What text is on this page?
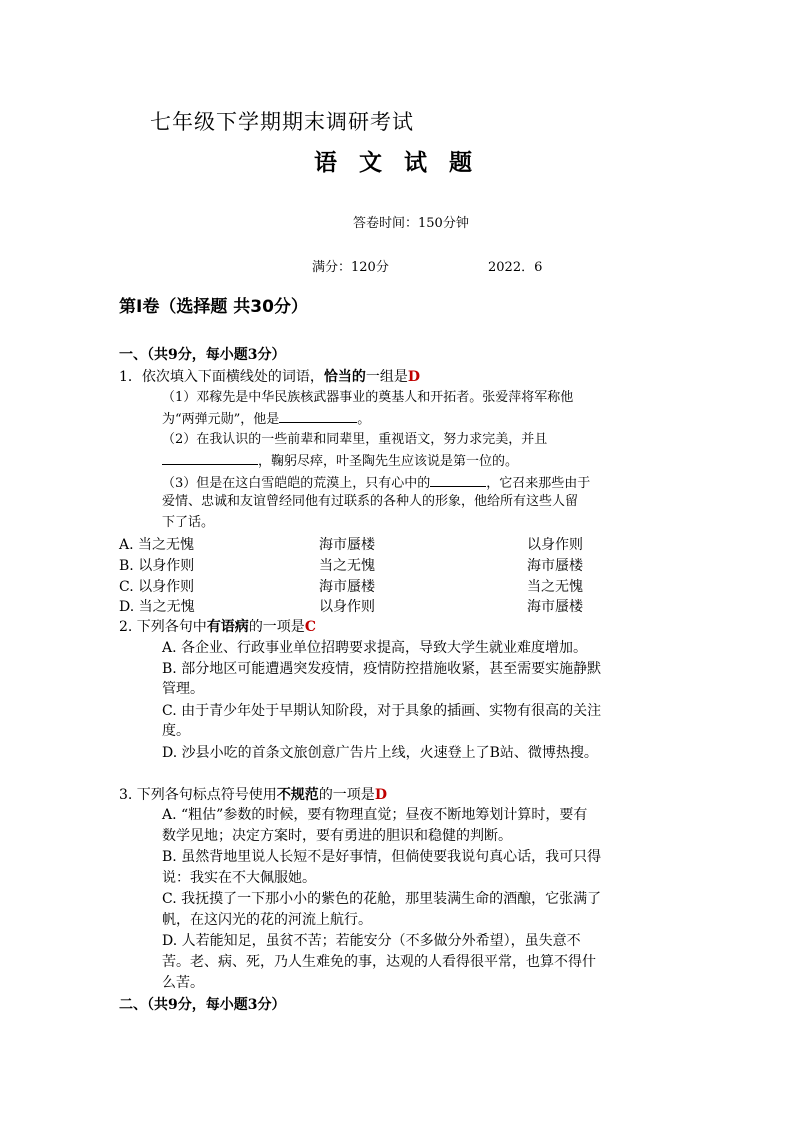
七年级下学期期末调研考试
语 文 试 题
答卷时间：150分钟
满分：120分	2022．6
第Ⅰ卷（选择题 共30分）
一、（共9分，每小题3分）
1．依次填入下面横线处的词语，恰当的一组是D
（1）邓稼先是中华民族核武器事业的奠基人和开拓者。张爱萍将军称他
为“两弹元勋”，他是	。
（2）在我认识的一些前辈和同辈里，重视语文，努力求完美，并且
，鞠躬尽瘁，叶圣陶先生应该说是第一位的。
（3）但是在这白雪皑皑的荒漠上，只有心中的	，它召来那些由于
爱情、忠诚和友谊曾经同他有过联系的各种人的形象，他给所有这些人留
下了话。
A. 当之无愧	海市蜃楼	以身作则
B. 以身作则	当之无愧	海市蜃楼
C. 以身作则	海市蜃楼	当之无愧
D. 当之无愧	以身作则	海市蜃楼
2. 下列各句中有语病的一项是C
A. 各企业、行政事业单位招聘要求提高，导致大学生就业难度增加。
B. 部分地区可能遭遇突发疫情，疫情防控措施收紧，甚至需要实施静默
管理。
C. 由于青少年处于早期认知阶段，对于具象的插画、实物有很高的关注
度。
D. 沙县小吃的首条文旅创意广告片上线，火速登上了B站、微博热搜。
3. 下列各句标点符号使用不规范的一项是D
A. “粗估”参数的时候，要有物理直觉；昼夜不断地筹划计算时，要有
数学见地；决定方案时，要有勇进的胆识和稳健的判断。
B. 虽然背地里说人长短不是好事情，但倘使要我说句真心话，我可只得
说：我实在不大佩服她。
C. 我抚摸了一下那小小的紫色的花舱，那里装满生命的酒酿，它张满了
帆，在这闪光的花的河流上航行。
D. 人若能知足，虽贫不苦；若能安分（不多做分外希望），虽失意不
苦。老、病、死，乃人生难免的事，达观的人看得很平常，也算不得什
么苦。
二、（共9分，每小题3分）
